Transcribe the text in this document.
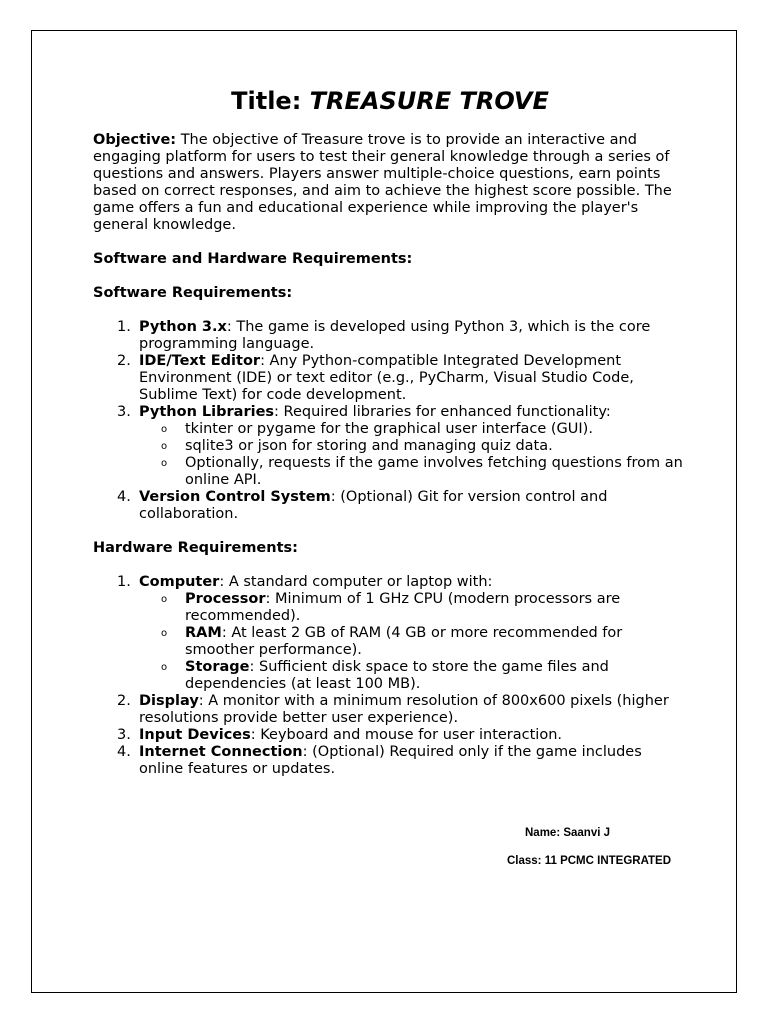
Title: TREASURE TROVE

Objective: The objective of Treasure trove is to provide an interactive and engaging platform for users to test their general knowledge through a series of questions and answers. Players answer multiple-choice questions, earn points based on correct responses, and aim to achieve the highest score possible. The game offers a fun and educational experience while improving the player's general knowledge.

Software and Hardware Requirements:

Software Requirements:

1. Python 3.x: The game is developed using Python 3, which is the core programming language.
2. IDE/Text Editor: Any Python-compatible Integrated Development Environment (IDE) or text editor (e.g., PyCharm, Visual Studio Code, Sublime Text) for code development.
3. Python Libraries: Required libraries for enhanced functionality:
o tkinter or pygame for the graphical user interface (GUI).
o sqlite3 or json for storing and managing quiz data.
o Optionally, requests if the game involves fetching questions from an online API.
4. Version Control System: (Optional) Git for version control and collaboration.

Hardware Requirements:

1. Computer: A standard computer or laptop with:
o Processor: Minimum of 1 GHz CPU (modern processors are recommended).
o RAM: At least 2 GB of RAM (4 GB or more recommended for smoother performance).
o Storage: Sufficient disk space to store the game files and dependencies (at least 100 MB).
2. Display: A monitor with a minimum resolution of 800x600 pixels (higher resolutions provide better user experience).
3. Input Devices: Keyboard and mouse for user interaction.
4. Internet Connection: (Optional) Required only if the game includes online features or updates.
Name: Saanvi J
Class: 11 PCMC INTEGRATED
